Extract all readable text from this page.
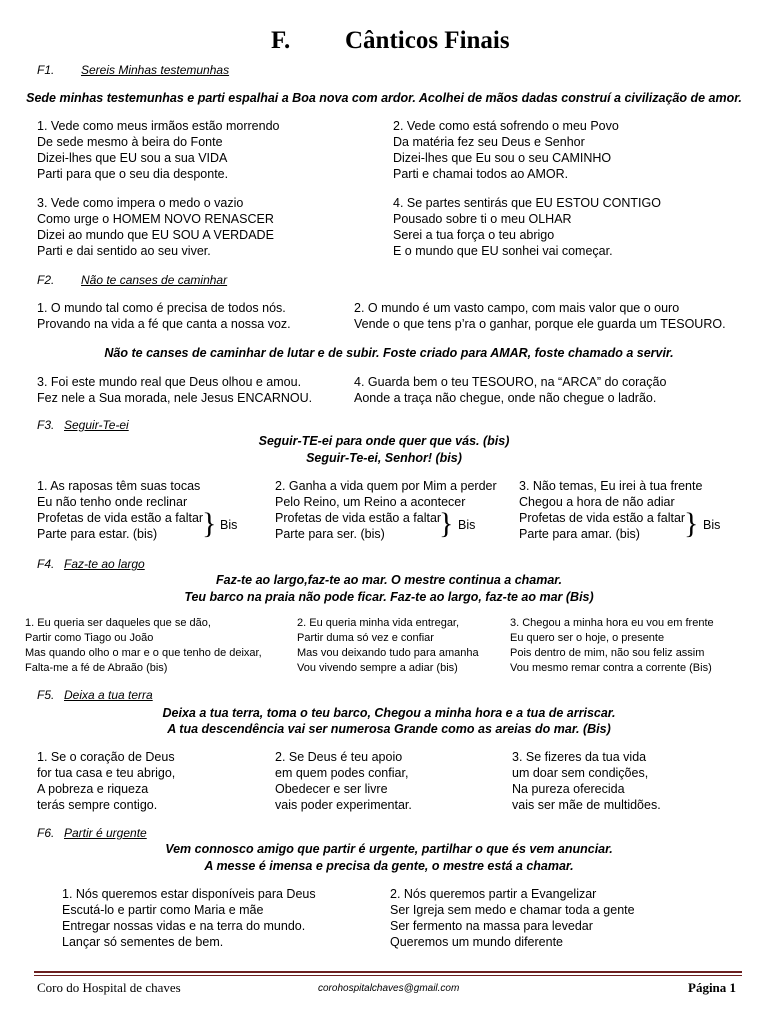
F. Cânticos Finais
F1. Sereis Minhas testemunhas
Sede minhas testemunhas e parti espalhai a Boa nova com ardor. Acolhei de mãos dadas construí a civilização de amor.
1. Vede como meus irmãos estão morrendo
De sede mesmo à beira do Fonte
Dizei-lhes que EU sou a sua VIDA
Parti para que o seu dia desponte.
2. Vede como está sofrendo o meu Povo
Da matéria fez seu Deus e Senhor
Dizei-lhes que Eu sou o seu CAMINHO
Parti e chamai todos ao AMOR.
3. Vede como impera o medo o vazio
Como urge o HOMEM NOVO RENASCER
Dizei ao mundo que EU SOU A VERDADE
Parti e dai sentido ao seu viver.
4. Se partes sentirás que EU ESTOU CONTIGO
Pousado sobre ti o meu OLHAR
Serei a tua força o teu abrigo
E o mundo que EU sonhei vai começar.
F2. Não te canses de caminhar
1. O mundo tal como é precisa de todos nós.
Provando na vida a fé que canta a nossa voz.
2. O mundo é um vasto campo, com mais valor que o ouro
Vende o que tens p’ra o ganhar, porque ele guarda um TESOURO.
Não te canses de caminhar de lutar e de subir. Foste criado para AMAR, foste chamado a servir.
3. Foi este mundo real que Deus olhou e amou.
Fez nele a Sua morada, nele Jesus ENCARNOU.
4. Guarda bem o teu TESOURO, na “ARCA” do coração
Aonde a traça não chegue, onde não chegue o ladrão.
F3. Seguir-Te-ei
Seguir-TE-ei para onde quer que vás. (bis)
Seguir-Te-ei, Senhor! (bis)
1. As raposas têm suas tocas
Eu não tenho onde reclinar
Profetas de vida estão a faltar
Parte para estar. (bis)	} Bis
2. Ganha a vida quem por Mim a perder
Pelo Reino, um Reino a acontecer
Profetas de vida estão a faltar
Parte para ser. (bis)	} Bis
3. Não temas, Eu irei à tua frente
Chegou a hora de não adiar
Profetas de vida estão a faltar
Parte para amar. (bis)	} Bis
F4. Faz-te ao largo
Faz-te ao largo,faz-te ao mar. O mestre continua a chamar.
Teu barco na praia não pode ficar. Faz-te ao largo, faz-te ao mar (Bis)
1. Eu queria ser daqueles que se dão,
Partir como Tiago ou João
Mas quando olho o mar e o que tenho de deixar,
Falta-me a fé de Abraão (bis)
2. Eu queria minha vida entregar,
Partir duma só vez e confiar
Mas vou deixando tudo para amanha
Vou vivendo sempre a adiar (bis)
3. Chegou a minha hora eu vou em frente
Eu quero ser o hoje, o presente
Pois dentro de mim, não sou feliz assim
Vou mesmo remar contra a corrente (Bis)
F5. Deixa a tua terra
Deixa a tua terra, toma o teu barco, Chegou a minha hora e a tua de arriscar.
A tua descendência vai ser numerosa Grande como as areias do mar. (Bis)
1. Se o coração de Deus
for tua casa e teu abrigo,
A pobreza e riqueza
terás sempre contigo.
2. Se Deus é teu apoio
em quem podes confiar,
Obedecer e ser livre
vais poder experimentar.
3. Se fizeres da tua vida
um doar sem condições,
Na pureza oferecida
vais ser mãe de multidões.
F6. Partir é urgente
Vem connosco amigo que partir é urgente, partilhar o que és vem anunciar.
A messe é imensa e precisa da gente, o mestre está a chamar.
1. Nós queremos estar disponíveis para Deus
Escutá-lo e partir como Maria e mãe
Entregar nossas vidas e na terra do mundo.
Lançar só sementes de bem.
2. Nós queremos partir a Evangelizar
Ser Igreja sem medo e chamar toda a gente
Ser fermento na massa para levedar
Queremos um mundo diferente
Coro do Hospital de chaves	corohospitalchaves@gmail.com	Página 1
